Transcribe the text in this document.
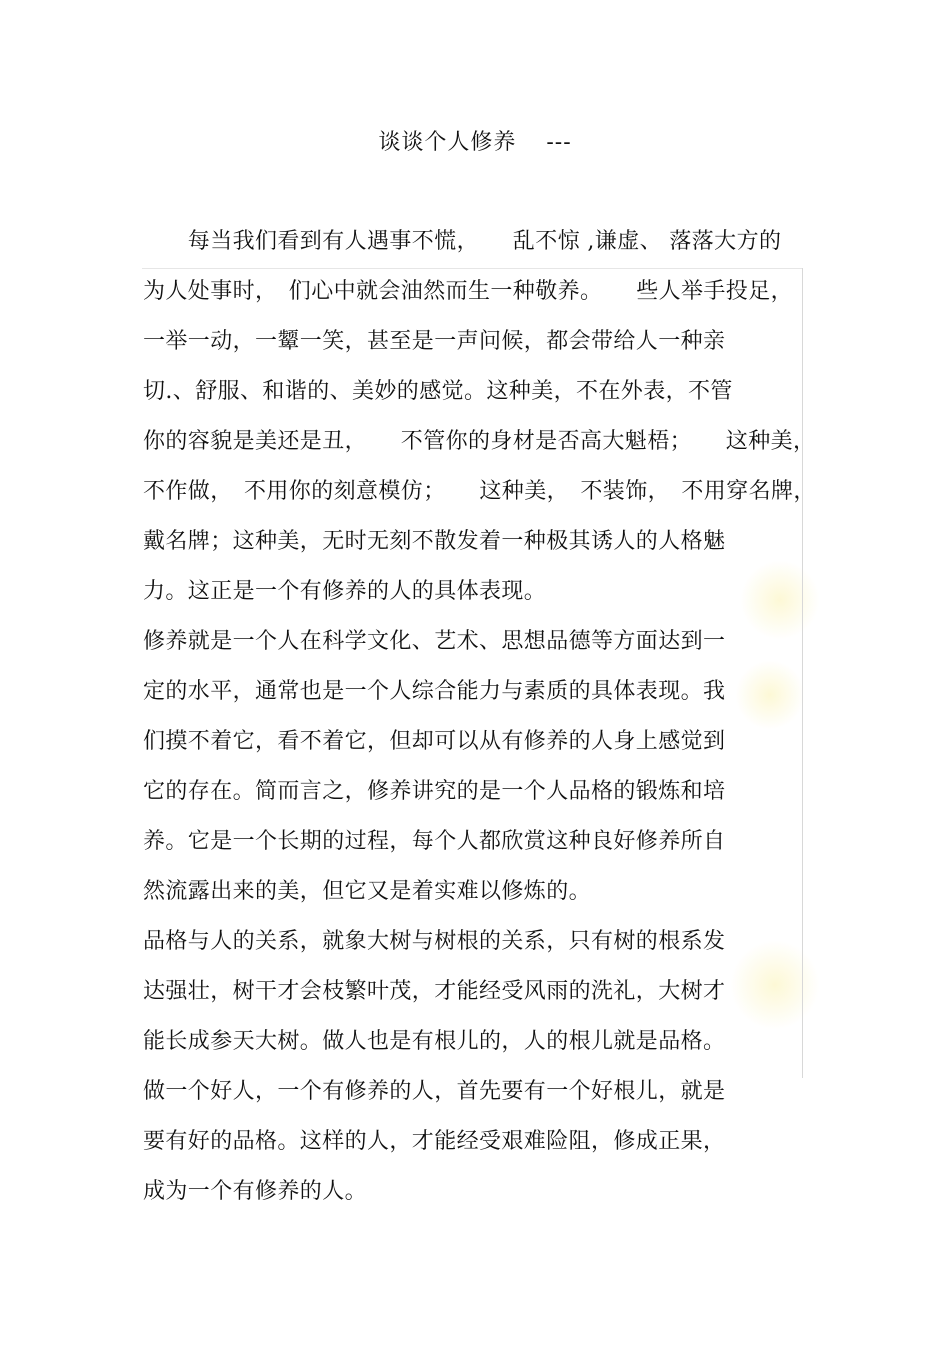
谈谈个人修养 ---
　　每当我们看到有人遇事不慌，　　乱不惊 ,谦虚、 落落大方的
为人处事时，　们心中就会油然而生一种敬养。　　些人举手投足，
一举一动，一颦一笑，甚至是一声问候，都会带给人一种亲
切.、舒服、和谐的、美妙的感觉。这种美，不在外表，不管
你的容貌是美还是丑，　　不管你的身材是否高大魁梧；　　这种美，
不作做，　不用你的刻意模仿；　　这种美，　不装饰，　不用穿名牌，
戴名牌；这种美，无时无刻不散发着一种极其诱人的人格魅
力。这正是一个有修养的人的具体表现。
修养就是一个人在科学文化、艺术、思想品德等方面达到一
定的水平，通常也是一个人综合能力与素质的具体表现。我
们摸不着它，看不着它，但却可以从有修养的人身上感觉到
它的存在。简而言之，修养讲究的是一个人品格的锻炼和培
养。它是一个长期的过程，每个人都欣赏这种良好修养所自
然流露出来的美，但它又是着实难以修炼的。
品格与人的关系，就象大树与树根的关系，只有树的根系发
达强壮，树干才会枝繁叶茂，才能经受风雨的洗礼，大树才
能长成参天大树。做人也是有根儿的，人的根儿就是品格。
做一个好人，一个有修养的人，首先要有一个好根儿，就是
要有好的品格。这样的人，才能经受艰难险阻，修成正果，
成为一个有修养的人。
